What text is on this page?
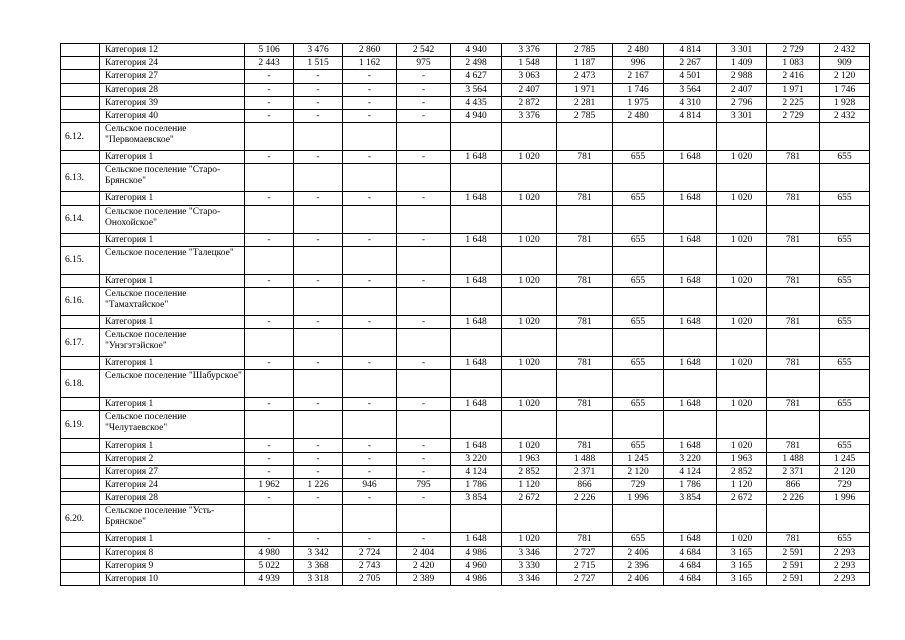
	Категория 12	5 106	3 476	2 860	2 542	4 940	3 376	2 785	2 480	4 814	3 301	2 729	2 432
	Категория 24	2 443	1 515	1 162	975	2 498	1 548	1 187	996	2 267	1 409	1 083	909
	Категория 27	-	-	-	-	4 627	3 063	2 473	2 167	4 501	2 988	2 416	2 120
	Категория 28	-	-	-	-	3 564	2 407	1 971	1 746	3 564	2 407	1 971	1 746
	Категория 39	-	-	-	-	4 435	2 872	2 281	1 975	4 310	2 796	2 225	1 928
	Категория 40	-	-	-	-	4 940	3 376	2 785	2 480	4 814	3 301	2 729	2 432
6.12.	Сельское поселение "Первомаевское"												
	Категория 1	-	-	-	-	1 648	1 020	781	655	1 648	1 020	781	655
6.13.	Сельское поселение "Старо-Брянское"												
	Категория 1	-	-	-	-	1 648	1 020	781	655	1 648	1 020	781	655
6.14.	Сельское поселение "Старо-Онохойское"												
	Категория 1	-	-	-	-	1 648	1 020	781	655	1 648	1 020	781	655
6.15.	Сельское поселение "Талецкое"												
	Категория 1	-	-	-	-	1 648	1 020	781	655	1 648	1 020	781	655
6.16.	Сельское поселение "Тамахтайское"												
	Категория 1	-	-	-	-	1 648	1 020	781	655	1 648	1 020	781	655
6.17.	Сельское поселение "Унэгэтэйское"												
	Категория 1	-	-	-	-	1 648	1 020	781	655	1 648	1 020	781	655
6.18.	Сельское поселение "Шабурское"												
	Категория 1	-	-	-	-	1 648	1 020	781	655	1 648	1 020	781	655
6.19.	Сельское поселение "Челутаевское"												
	Категория 1	-	-	-	-	1 648	1 020	781	655	1 648	1 020	781	655
	Категория 2	-	-	-	-	3 220	1 963	1 488	1 245	3 220	1 963	1 488	1 245
	Категория 27	-	-	-	-	4 124	2 852	2 371	2 120	4 124	2 852	2 371	2 120
	Категория 24	1 962	1 226	946	795	1 786	1 120	866	729	1 786	1 120	866	729
	Категория 28	-	-	-	-	3 854	2 672	2 226	1 996	3 854	2 672	2 226	1 996
6.20.	Сельское поселение "Усть-Брянское"												
	Категория 1	-	-	-	-	1 648	1 020	781	655	1 648	1 020	781	655
	Категория 8	4 980	3 342	2 724	2 404	4 986	3 346	2 727	2 406	4 684	3 165	2 591	2 293
	Категория 9	5 022	3 368	2 743	2 420	4 960	3 330	2 715	2 396	4 684	3 165	2 591	2 293
	Категория 10	4 939	3 318	2 705	2 389	4 986	3 346	2 727	2 406	4 684	3 165	2 591	2 293
